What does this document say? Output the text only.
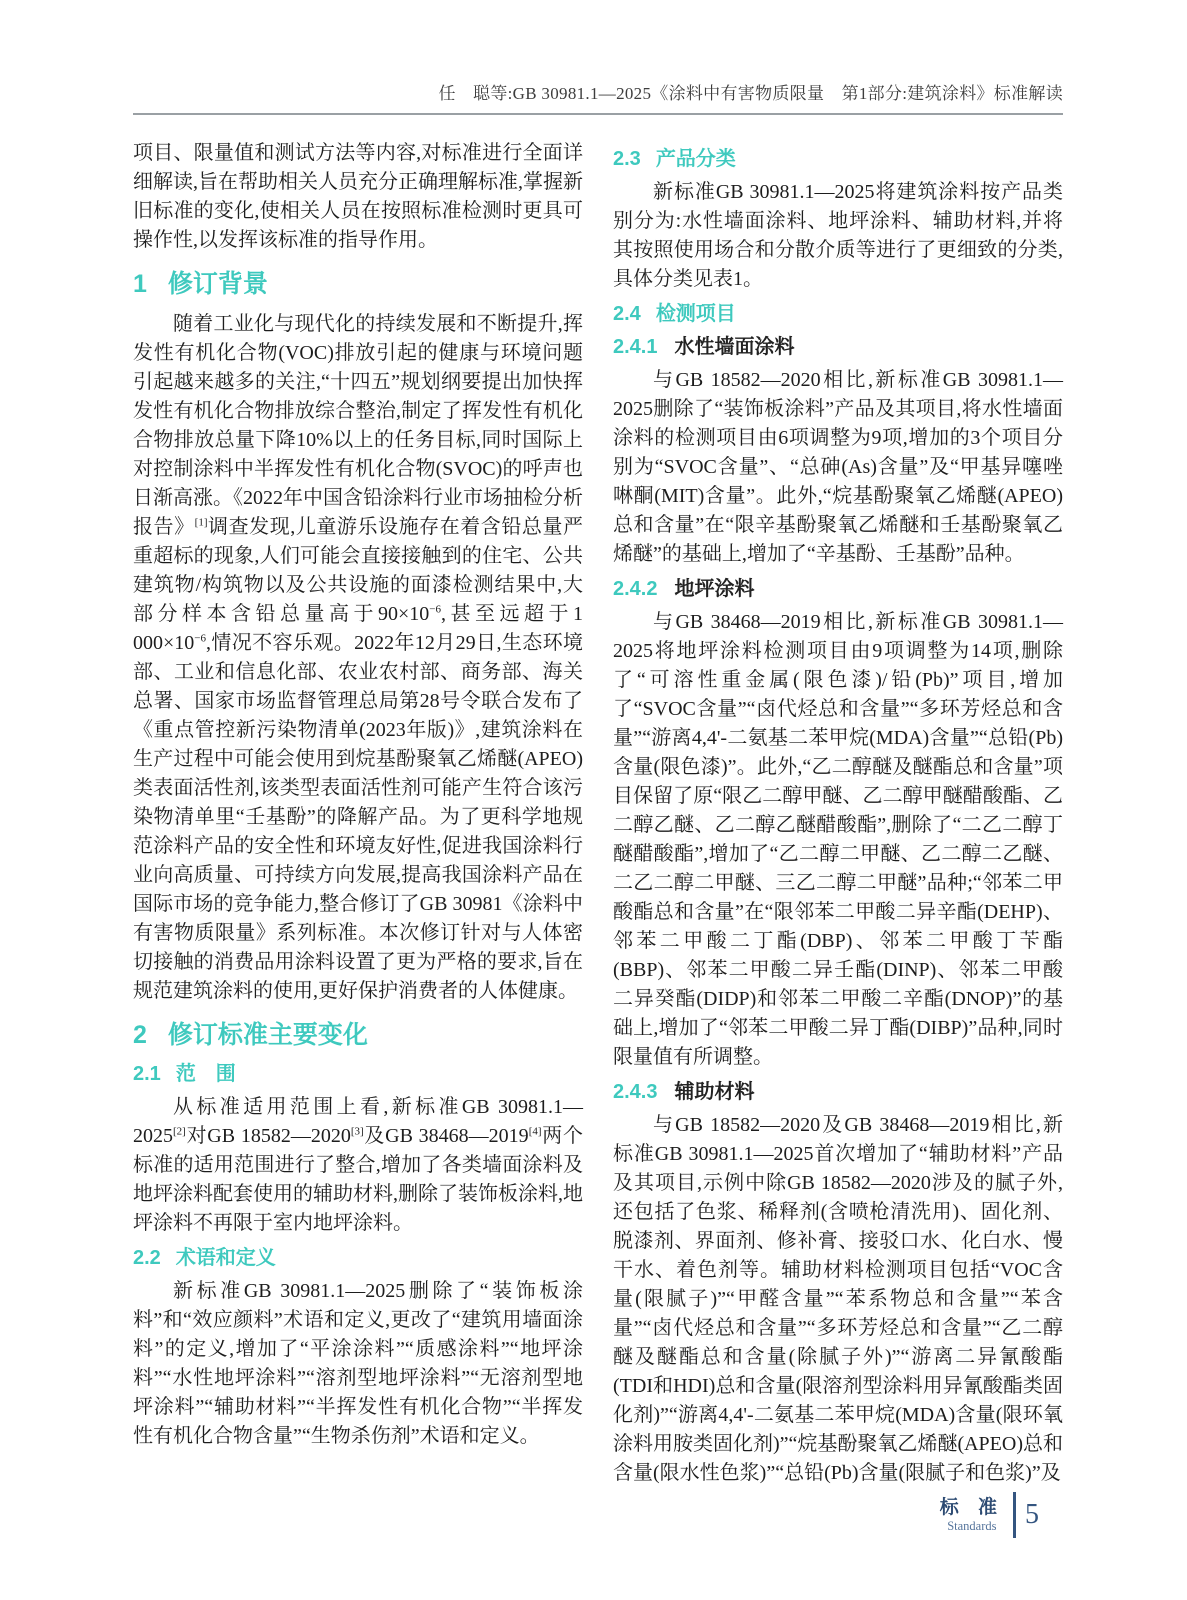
任　聪等:GB 30981.1—2025《涂料中有害物质限量　第1部分:建筑涂料》标准解读

项目、限量值和测试方法等内容,对标准进行全面详细解读,旨在帮助相关人员充分正确理解标准,掌握新旧标准的变化,使相关人员在按照标准检测时更具可操作性,以发挥该标准的指导作用。

1 修订背景

随着工业化与现代化的持续发展和不断提升,挥发性有机化合物(VOC)排放引起的健康与环境问题引起越来越多的关注,“十四五”规划纲要提出加快挥发性有机化合物排放综合整治,制定了挥发性有机化合物排放总量下降10%以上的任务目标,同时国际上对控制涂料中半挥发性有机化合物(SVOC)的呼声也日渐高涨。《2022年中国含铅涂料行业市场抽检分析报告》[1]调查发现,儿童游乐设施存在着含铅总量严重超标的现象,人们可能会直接接触到的住宅、公共建筑物/构筑物以及公共设施的面漆检测结果中,大部分样本含铅总量高于$90\times 10^{-6}$,甚至远超于1 $000\times 10^{-6}$,情况不容乐观。2022年12月29日,生态环境部、工业和信息化部、农业农村部、商务部、海关总署、国家市场监督管理总局第28号令联合发布了《重点管控新污染物清单(2023年版)》,建筑涂料在生产过程中可能会使用到烷基酚聚氧乙烯醚(APEO)类表面活性剂,该类型表面活性剂可能产生符合该污染物清单里“壬基酚”的降解产品。为了更科学地规范涂料产品的安全性和环境友好性,促进我国涂料行业向高质量、可持续方向发展,提高我国涂料产品在国际市场的竞争能力,整合修订了GB 30981《涂料中有害物质限量》系列标准。本次修订针对与人体密切接触的消费品用涂料设置了更为严格的要求,旨在规范建筑涂料的使用,更好保护消费者的人体健康。

2 修订标准主要变化
2.1 范　围

从标准适用范围上看,新标准GB 30981.1—2025[2]对GB 18582—2020[3]及GB 38468—2019[4]两个标准的适用范围进行了整合,增加了各类墙面涂料及地坪涂料配套使用的辅助材料,删除了装饰板涂料,地坪涂料不再限于室内地坪涂料。

2.2 术语和定义

新标准GB 30981.1—2025删除了“装饰板涂料”和“效应颜料”术语和定义,更改了“建筑用墙面涂料”的定义,增加了“平涂涂料”“质感涂料”“地坪涂料”“水性地坪涂料”“溶剂型地坪涂料”“无溶剂型地坪涂料”“辅助材料”“半挥发性有机化合物”“半挥发性有机化合物含量”“生物杀伤剂”术语和定义。

2.3 产品分类

新标准GB 30981.1—2025将建筑涂料按产品类别分为:水性墙面涂料、地坪涂料、辅助材料,并将其按照使用场合和分散介质等进行了更细致的分类,具体分类见表1。

2.4 检测项目
2.4.1 水性墙面涂料

与GB 18582—2020相比,新标准GB 30981.1—2025删除了“装饰板涂料”产品及其项目,将水性墙面涂料的检测项目由6项调整为9项,增加的3个项目分别为“SVOC含量”、“总砷(As)含量”及“甲基异噻唑啉酮(MIT)含量”。此外,“烷基酚聚氧乙烯醚(APEO)总和含量”在“限辛基酚聚氧乙烯醚和壬基酚聚氧乙烯醚”的基础上,增加了“辛基酚、壬基酚”品种。

2.4.2 地坪涂料

与GB 38468—2019相比,新标准GB 30981.1—2025将地坪涂料检测项目由9项调整为14项,删除了“可溶性重金属(限色漆)/铅(Pb)”项目,增加了“SVOC含量”“卤代烃总和含量”“多环芳烃总和含量”“游离4,4'-二氨基二苯甲烷(MDA)含量”“总铅(Pb)含量(限色漆)”。此外,“乙二醇醚及醚酯总和含量”项目保留了原“限乙二醇甲醚、乙二醇甲醚醋酸酯、乙二醇乙醚、乙二醇乙醚醋酸酯”,删除了“二乙二醇丁醚醋酸酯”,增加了“乙二醇二甲醚、乙二醇二乙醚、二乙二醇二甲醚、三乙二醇二甲醚”品种;“邻苯二甲酸酯总和含量”在“限邻苯二甲酸二异辛酯(DEHP)、邻苯二甲酸二丁酯(DBP)、邻苯二甲酸丁苄酯(BBP)、邻苯二甲酸二异壬酯(DINP)、邻苯二甲酸二异癸酯(DIDP)和邻苯二甲酸二辛酯(DNOP)”的基础上,增加了“邻苯二甲酸二异丁酯(DIBP)”品种,同时限量值有所调整。

2.4.3 辅助材料

与GB 18582—2020及GB 38468—2019相比,新标准GB 30981.1—2025首次增加了“辅助材料”产品及其项目,示例中除GB 18582—2020涉及的腻子外,还包括了色浆、稀释剂(含喷枪清洗用)、固化剂、脱漆剂、界面剂、修补膏、接驳口水、化白水、慢干水、着色剂等。辅助材料检测项目包括“VOC含量(限腻子)”“甲醛含量”“苯系物总和含量”“苯含量”“卤代烃总和含量”“多环芳烃总和含量”“乙二醇醚及醚酯总和含量(除腻子外)”“游离二异氰酸酯(TDI和HDI)总和含量(限溶剂型涂料用异氰酸酯类固化剂)”“游离4,4'-二氨基二苯甲烷(MDA)含量(限环氧涂料用胺类固化剂)”“烷基酚聚氧乙烯醚(APEO)总和含量(限水性色浆)”“总铅(Pb)含量(限腻子和色浆)”及

标 准
Standards 5
